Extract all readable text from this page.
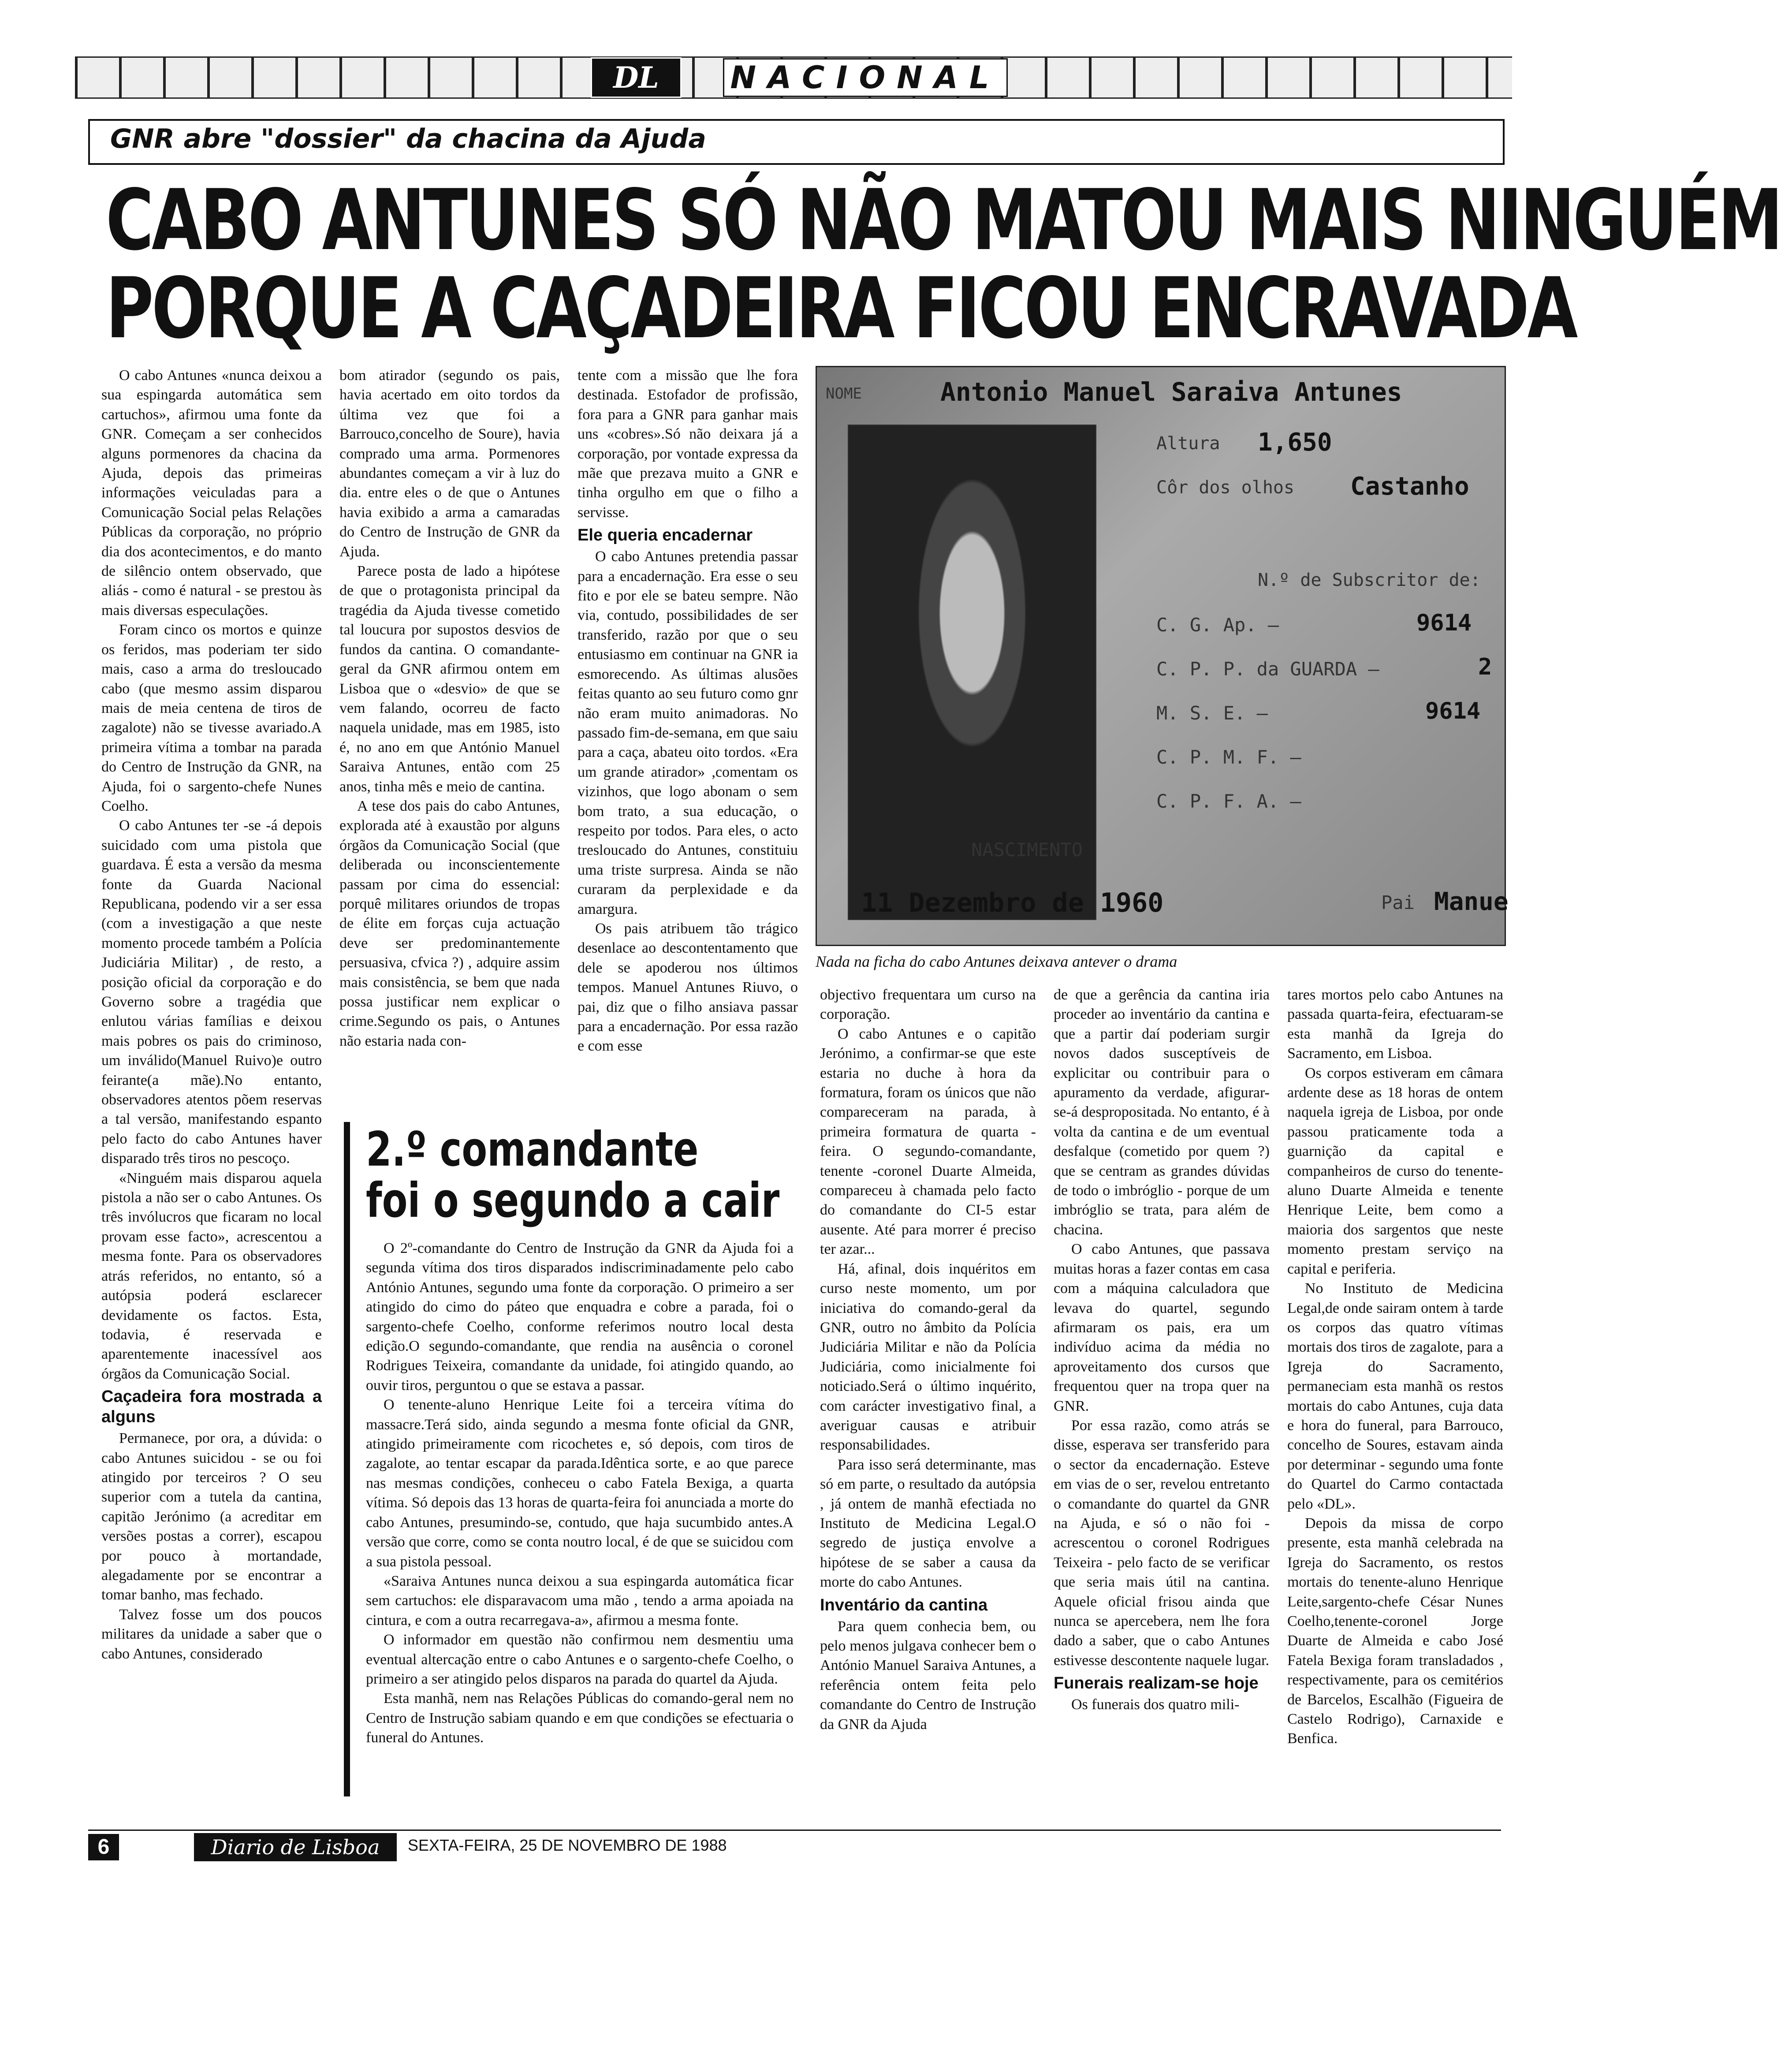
DL	NACIONAL
GNR abre "dossier" da chacina da Ajuda
CABO ANTUNES SÓ NÃO MATOU MAIS NINGUÉM
PORQUE A CAÇADEIRA FICOU ENCRAVADA

O cabo Antunes «nunca deixou a sua espingarda automática sem cartuchos», afirmou uma fonte da GNR. Começam a ser conhecidos alguns pormenores da chacina da Ajuda, depois das primeiras informações veiculadas para a Comunicação Social pelas Relações Públicas da corporação, no próprio dia dos acontecimentos, e do manto de silêncio ontem observado, que aliás - como é natural - se prestou às mais diversas especulações.

Foram cinco os mortos e quinze os feridos, mas poderiam ter sido mais, caso a arma do tresloucado cabo (que mesmo assim disparou mais de meia centena de tiros de zagalote) não se tivesse avariado.A primeira vítima a tombar na parada do Centro de Instrução da GNR, na Ajuda, foi o sargento-chefe Nunes Coelho.

O cabo Antunes ter -se -á depois suicidado com uma pistola que guardava. É esta a versão da mesma fonte da Guarda Nacional Republicana, podendo vir a ser essa (com a investigação a que neste momento procede também a Polícia Judiciária Militar) , de resto, a posição oficial da corporação e do Governo sobre a tragédia que enlutou várias famílias e deixou mais pobres os pais do criminoso, um inválido(Manuel Ruivo)e outro feirante(a mãe).No entanto, observadores atentos põem reservas a tal versão, manifestando espanto pelo facto do cabo Antunes haver disparado três tiros no pescoço.

«Ninguém mais disparou aquela pistola a não ser o cabo Antunes. Os três invólucros que ficaram no local provam esse facto», acrescentou a mesma fonte. Para os observadores atrás referidos, no entanto, só a autópsia poderá esclarecer devidamente os factos. Esta, todavia, é reservada e aparentemente inacessível aos órgãos da Comunicação Social.

Caçadeira fora mostrada a alguns

Permanece, por ora, a dúvida: o cabo Antunes suicidou - se ou foi atingido por terceiros ? O seu superior com a tutela da cantina, capitão Jerónimo (a acreditar em versões postas a correr), escapou por pouco à mortandade, alegadamente por se encontrar a tomar banho, mas fechado.

Talvez fosse um dos poucos militares da unidade a saber que o cabo Antunes, considerado

bom atirador (segundo os pais, havia acertado em oito tordos da última vez que foi a Barrouco,concelho de Soure), havia comprado uma arma. Pormenores abundantes começam a vir à luz do dia. entre eles o de que o Antunes havia exibido a arma a camaradas do Centro de Instrução de GNR da Ajuda.

Parece posta de lado a hipótese de que o protagonista principal da tragédia da Ajuda tivesse cometido tal loucura por supostos desvios de fundos da cantina. O comandante-geral da GNR afirmou ontem em Lisboa que o «desvio» de que se vem falando, ocorreu de facto naquela unidade, mas em 1985, isto é, no ano em que António Manuel Saraiva Antunes, então com 25 anos, tinha mês e meio de cantina.

A tese dos pais do cabo Antunes, explorada até à exaustão por alguns órgãos da Comunicação Social (que deliberada ou inconscientemente passam por cima do essencial: porquê militares oriundos de tropas de élite em forças cuja actuação deve ser predominantemente persuasiva, cfvica ?) , adquire assim mais consistência, se bem que nada possa justificar nem explicar o crime.Segundo os pais, o Antunes não estaria nada con-

tente com a missão que lhe fora destinada. Estofador de profissão, fora para a GNR para ganhar mais uns «cobres».Só não deixara já a corporação, por vontade expressa da mãe que prezava muito a GNR e tinha orgulho em que o filho a servisse.

Ele queria encadernar

O cabo Antunes pretendia passar para a encadernação. Era esse o seu fito e por ele se bateu sempre. Não via, contudo, possibilidades de ser transferido, razão por que o seu entusiasmo em continuar na GNR ia esmorecendo. As últimas alusões feitas quanto ao seu futuro como gnr não eram muito animadoras. No passado fim-de-semana, em que saiu para a caça, abateu oito tordos. «Era um grande atirador» ,comentam os vizinhos, que logo abonam o sem bom trato, a sua educação, o respeito por todos. Para eles, o acto tresloucado do Antunes, constituiu uma triste surpresa. Ainda se não curaram da perplexidade e da amargura.

Os pais atribuem tão trágico desenlace ao descontentamento que dele se apoderou nos últimos tempos. Manuel Antunes Riuvo, o pai, diz que o filho ansiava passar para a encadernação. Por essa razão e com esse

NOME	Antonio Manuel Saraiva Antunes
Altura 1,650
Côr dos olhos Castanho
N.º de Subscritor de:
C. G. Ap. —	9614
C. P. P. da GUARDA —	2
M. S. E. —	9614
C. P. M. F. —
C. P. F. A. —
NASCIMENTO
11 Dezembro de 1960	Pai Manue
Nada na ficha do cabo Antunes deixava antever o drama

objectivo frequentara um curso na corporação.

O cabo Antunes e o capitão Jerónimo, a confirmar-se que este estaria no duche à hora da formatura, foram os únicos que não compareceram na parada, à primeira formatura de quarta - feira. O segundo-comandante, tenente -coronel Duarte Almeida, compareceu à chamada pelo facto do comandante do CI-5 estar ausente. Até para morrer é preciso ter azar...

Há, afinal, dois inquéritos em curso neste momento, um por iniciativa do comando-geral da GNR, outro no âmbito da Polícia Judiciária Militar e não da Polícia Judiciária, como inicialmente foi noticiado.Será o último inquérito, com carácter investigativo final, a averiguar causas e atribuir responsabilidades.

Para isso será determinante, mas só em parte, o resultado da autópsia , já ontem de manhã efectiada no Instituto de Medicina Legal.O segredo de justiça envolve a hipótese de se saber a causa da morte do cabo Antunes.

Inventário da cantina

Para quem conhecia bem, ou pelo menos julgava conhecer bem o António Manuel Saraiva Antunes, a referência ontem feita pelo comandante do Centro de Instrução da GNR da Ajuda

de que a gerência da cantina iria proceder ao inventário da cantina e que a partir daí poderiam surgir novos dados susceptíveis de explicitar ou contribuir para o apuramento da verdade, afigurar-se-á despropositada. No entanto, é à volta da cantina e de um eventual desfalque (cometido por quem ?) que se centram as grandes dúvidas de todo o imbróglio - porque de um imbróglio se trata, para além de chacina.

O cabo Antunes, que passava muitas horas a fazer contas em casa com a máquina calculadora que levava do quartel, segundo afirmaram os pais, era um indivíduo acima da média no aproveitamento dos cursos que frequentou quer na tropa quer na GNR.

Por essa razão, como atrás se disse, esperava ser transferido para o sector da encadernação. Esteve em vias de o ser, revelou entretanto o comandante do quartel da GNR na Ajuda, e só o não foi - acrescentou o coronel Rodrigues Teixeira - pelo facto de se verificar que seria mais útil na cantina. Aquele oficial frisou ainda que nunca se apercebera, nem lhe fora dado a saber, que o cabo Antunes estivesse descontente naquele lugar.

Funerais realizam-se hoje

Os funerais dos quatro mili-

tares mortos pelo cabo Antunes na passada quarta-feira, efectuaram-se esta manhã da Igreja do Sacramento, em Lisboa.

Os corpos estiveram em câmara ardente dese as 18 horas de ontem naquela igreja de Lisboa, por onde passou praticamente toda a guarnição da capital e companheiros de curso do tenente-aluno Duarte Almeida e tenente Henrique Leite, bem como a maioria dos sargentos que neste momento prestam serviço na capital e periferia.

No Instituto de Medicina Legal,de onde sairam ontem à tarde os corpos das quatro vítimas mortais dos tiros de zagalote, para a Igreja do Sacramento, permaneciam esta manhã os restos mortais do cabo Antunes, cuja data e hora do funeral, para Barrouco, concelho de Soures, estavam ainda por determinar - segundo uma fonte do Quartel do Carmo contactada pelo «DL».

Depois da missa de corpo presente, esta manhã celebrada na Igreja do Sacramento, os restos mortais do tenente-aluno Henrique Leite,sargento-chefe César Nunes Coelho,tenente-coronel Jorge Duarte de Almeida e cabo José Fatela Bexiga foram transladados , respectivamente, para os cemitérios de Barcelos, Escalhão (Figueira de Castelo Rodrigo), Carnaxide e Benfica.

2.º comandante
foi o segundo a cair

O 2º-comandante do Centro de Instrução da GNR da Ajuda foi a segunda vítima dos tiros disparados indiscriminadamente pelo cabo António Antunes, segundo uma fonte da corporação. O primeiro a ser atingido do cimo do páteo que enquadra e cobre a parada, foi o sargento-chefe Coelho, conforme referimos noutro local desta edição.O segundo-comandante, que rendia na ausência o coronel Rodrigues Teixeira, comandante da unidade, foi atingido quando, ao ouvir tiros, perguntou o que se estava a passar.

O tenente-aluno Henrique Leite foi a terceira vítima do massacre.Terá sido, ainda segundo a mesma fonte oficial da GNR, atingido primeiramente com ricochetes e, só depois, com tiros de zagalote, ao tentar escapar da parada.Idêntica sorte, e ao que parece nas mesmas condições, conheceu o cabo Fatela Bexiga, a quarta vítima. Só depois das 13 horas de quarta-feira foi anunciada a morte do cabo Antunes, presumindo-se, contudo, que haja sucumbido antes.A versão que corre, como se conta noutro local, é de que se suicidou com a sua pistola pessoal.

«Saraiva Antunes nunca deixou a sua espingarda automática ficar sem cartuchos: ele disparavacom uma mão , tendo a arma apoiada na cintura, e com a outra recarregava-a», afirmou a mesma fonte.

O informador em questão não confirmou nem desmentiu uma eventual altercação entre o cabo Antunes e o sargento-chefe Coelho, o primeiro a ser atingido pelos disparos na parada do quartel da Ajuda.

Esta manhã, nem nas Relações Públicas do comando-geral nem no Centro de Instrução sabiam quando e em que condições se efectuaria o funeral do Antunes.

6	Diario de Lisboa	SEXTA-FEIRA, 25 DE NOVEMBRO DE 1988
